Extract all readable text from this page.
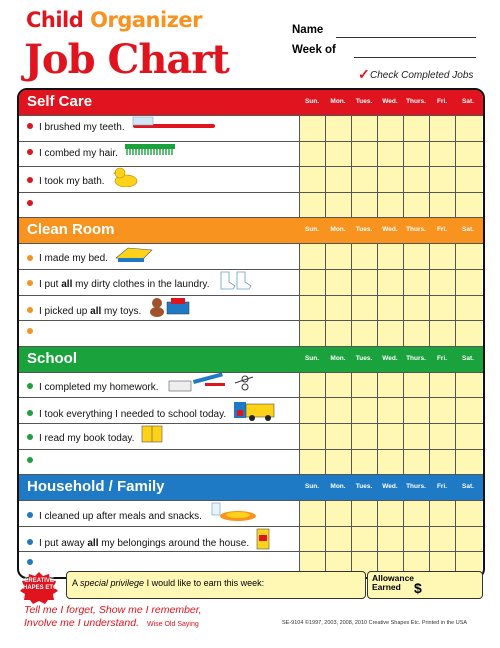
Child Organizer
Job Chart
Name
Week of
✓ Check Completed Jobs
Self Care	Sun.	Mon.	Tues.	Wed.	Thurs.	Fri.	Sat.
I brushed my teeth.
I combed my hair.
I took my bath.
Clean Room	Sun.	Mon.	Tues.	Wed.	Thurs.	Fri.	Sat.
I made my bed.
I put all my dirty clothes in the laundry.
I picked up all my toys.
School	Sun.	Mon.	Tues.	Wed.	Thurs.	Fri.	Sat.
I completed my homework.
I took everything I needed to school today.
I read my book today.
Household / Family	Sun.	Mon.	Tues.	Wed.	Thurs.	Fri.	Sat.
I cleaned up after meals and snacks.
I put away all my belongings around the house.
CREATIVE SHAPES ETC. A special privilege I would like to earn this week:	Allowance
Earned $
Tell me I forget, Show me I remember,
Involve me I understand. Wise Old Saying	SE-9104 ©1997, 2003, 2008, 2010 Creative Shapes Etc. Printed in the USA
